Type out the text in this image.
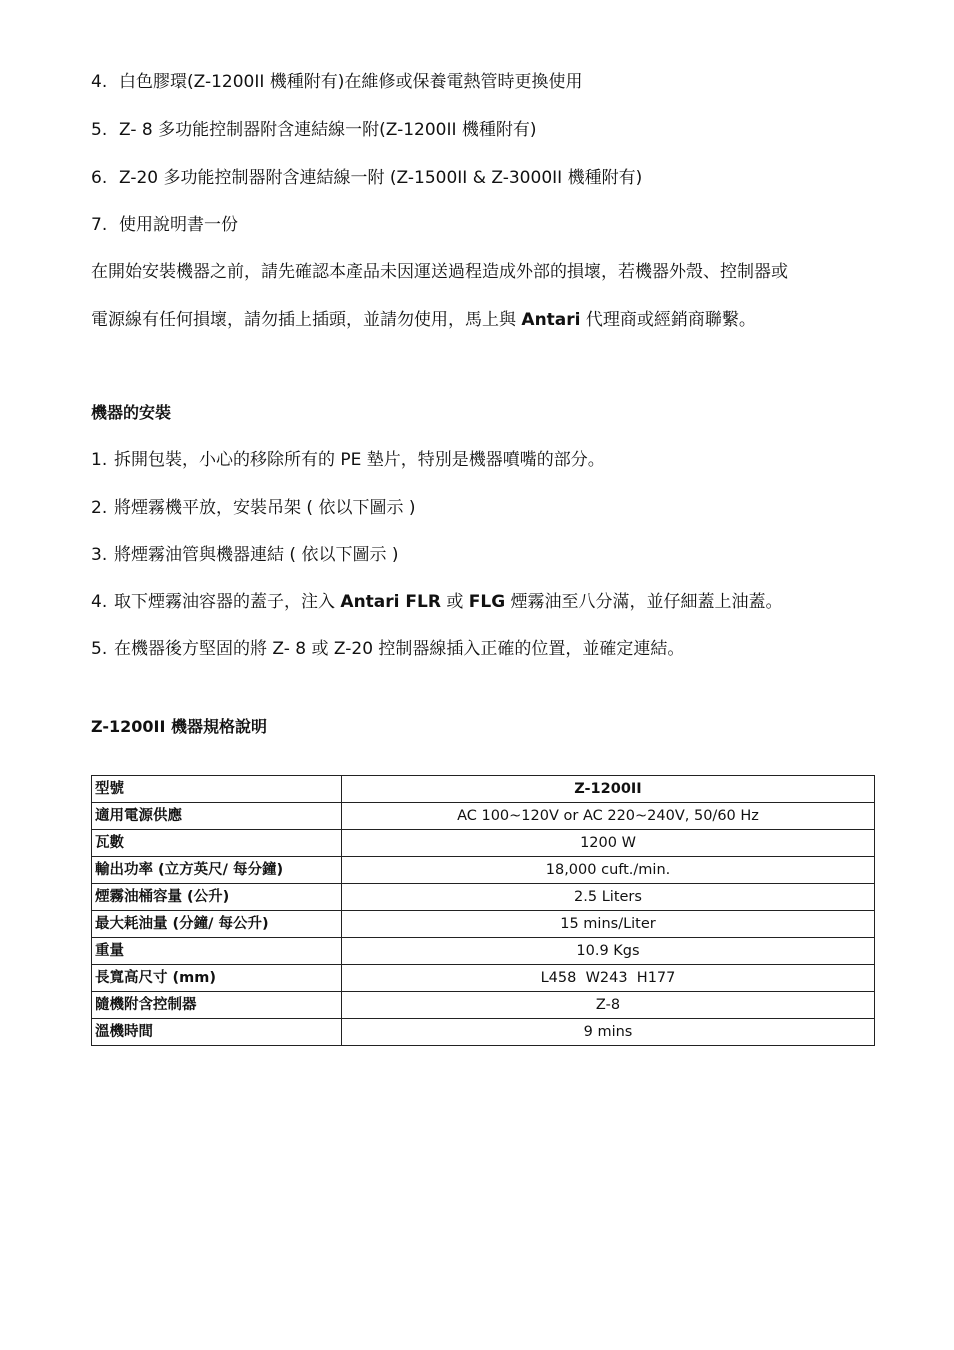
4. 白色膠環(Z-1200II 機種附有)在維修或保養電熱管時更換使用
5. Z- 8 多功能控制器附含連結線一附(Z-1200II 機種附有)
6. Z-20 多功能控制器附含連結線一附 (Z-1500II & Z-3000II 機種附有)
7. 使用說明書一份
在開始安裝機器之前，請先確認本產品未因運送過程造成外部的損壞，若機器外殼、控制器或
電源線有任何損壞，請勿插上插頭，並請勿使用，馬上與 Antari 代理商或經銷商聯繫。
機器的安裝
1. 拆開包裝，小心的移除所有的 PE 墊片，特別是機器噴嘴的部分。
2. 將煙霧機平放，安裝吊架 ( 依以下圖示 )
3. 將煙霧油管與機器連結 ( 依以下圖示 )
4. 取下煙霧油容器的蓋子，注入 Antari FLR 或 FLG 煙霧油至八分滿，並仔細蓋上油蓋。
5. 在機器後方堅固的將 Z- 8 或 Z-20 控制器線插入正確的位置，並確定連結。
Z-1200II 機器規格說明
型號	Z-1200II
適用電源供應	AC 100~120V or AC 220~240V, 50/60 Hz
瓦數	1200 W
輸出功率 (立方英尺/ 每分鐘)	18,000 cuft./min.
煙霧油桶容量 (公升)	2.5 Liters
最大耗油量 (分鐘/ 每公升)	15 mins/Liter
重量	10.9 Kgs
長寬高尺寸 (mm)	L458  W243  H177
隨機附含控制器	Z-8
溫機時間	9 mins
